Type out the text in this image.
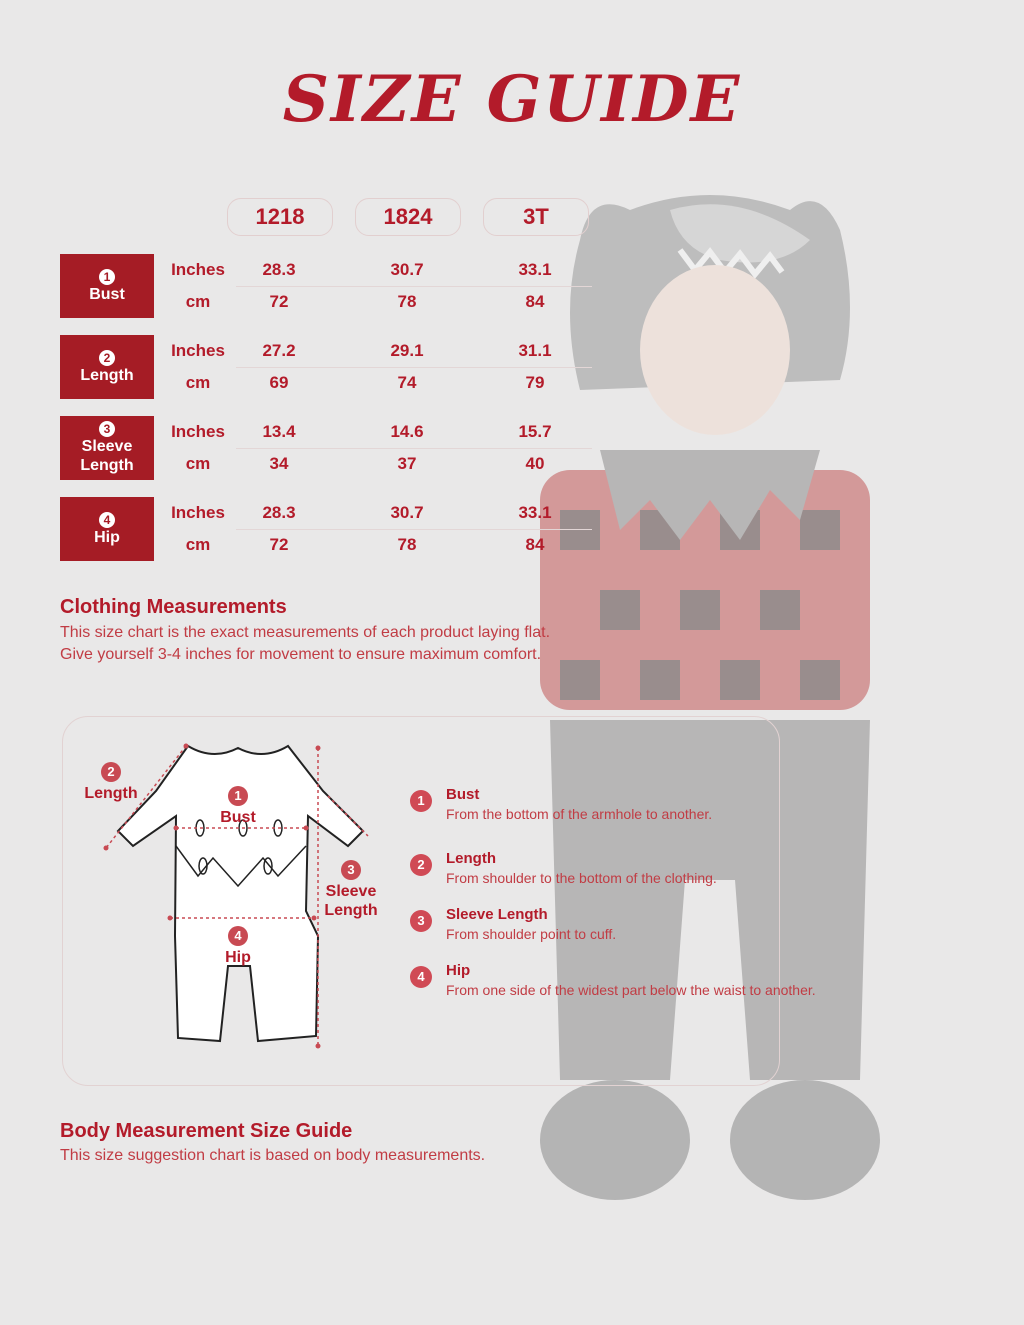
SIZE GUIDE
1218	1824	3T
1
Bust
Inches	28.3	30.7	33.1
cm	72	78	84
2
Length
Inches	27.2	29.1	31.1
cm	69	74	79
3
Sleeve Length
Inches	13.4	14.6	15.7
cm	34	37	40
4
Hip
Inches	28.3	30.7	33.1
cm	72	78	84
Clothing Measurements
This size chart is the exact measurements of each product laying flat.
Give yourself 3-4 inches for movement to ensure maximum comfort.
2
Length	1
Bust
3
Sleeve
Length
4
Hip
1	Bust
From the bottom of the armhole to another.
2	Length
From shoulder to the bottom of the clothing.
3	Sleeve Length
From shoulder point to cuff.
4	Hip
From one side of the widest part below the waist to another.
Body Measurement Size Guide
This size suggestion chart is based on body measurements.
